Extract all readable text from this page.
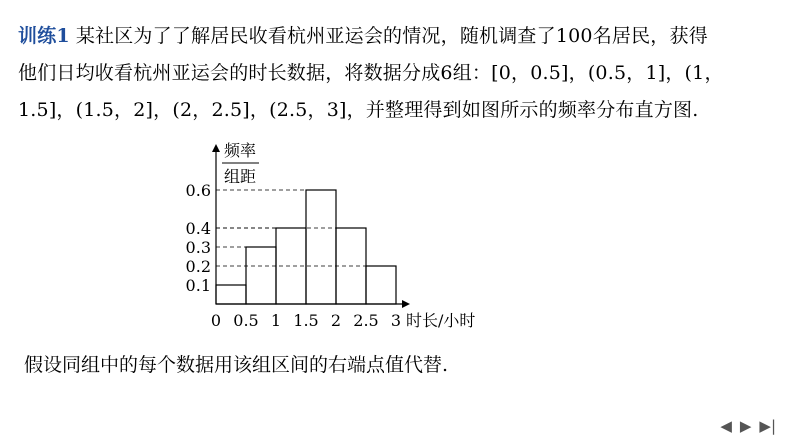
训练1 某社区为了了解居民收看杭州亚运会的情况，随机调查了100名居民，获得
他们日均收看杭州亚运会的时长数据，将数据分成6组：[0，0.5]，(0.5，1]，(1，
1.5]，(1.5，2]，(2，2.5]，(2.5，3]，并整理得到如图所示的频率分布直方图.
0 0.5 1 1.5 2 2.5 3
0.1
0.2
0.3
0.4
0.6
频率
组距
时长/小时
假设同组中的每个数据用该组区间的右端点值代替.
◀ ▶ ▶|
